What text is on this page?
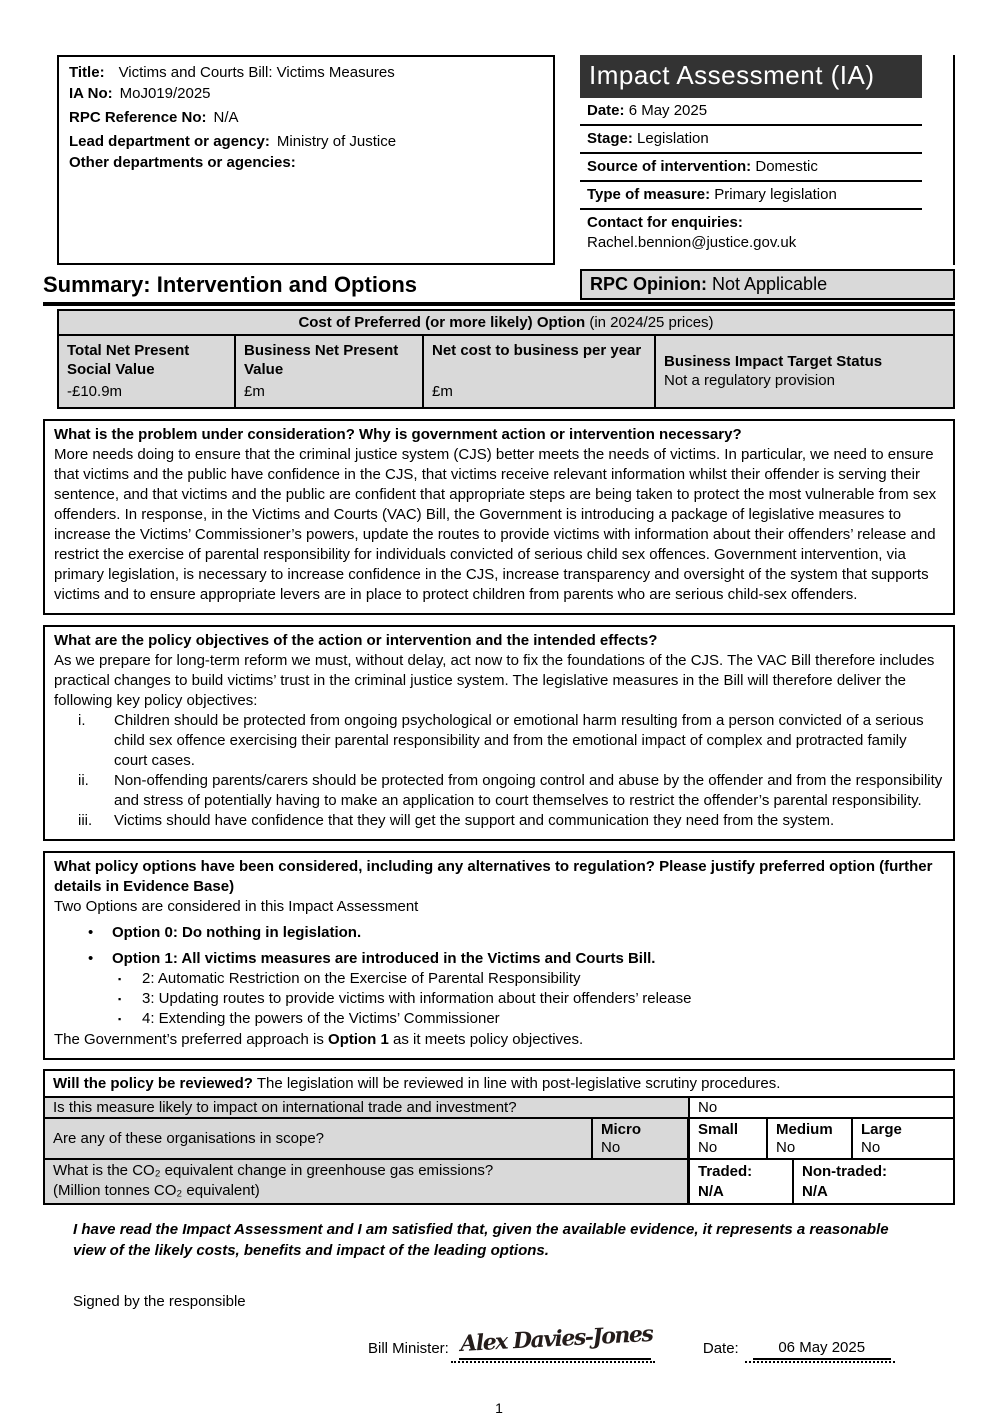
Title: Victims and Courts Bill: Victims Measures
IA No: MoJ019/2025
RPC Reference No: N/A
Lead department or agency: Ministry of Justice
Other departments or agencies:
Impact Assessment (IA)
Date: 6 May 2025
Stage: Legislation
Source of intervention: Domestic
Type of measure: Primary legislation
Contact for enquiries:
Rachel.bennion@justice.gov.uk
Summary: Intervention and Options	RPC Opinion: Not Applicable
Cost of Preferred (or more likely) Option (in 2024/25 prices)
Total Net Present Social Value
-£10.9m
Business Net Present Value
£m
Net cost to business per year
£m
Business Impact Target Status
Not a regulatory provision
What is the problem under consideration? Why is government action or intervention necessary?
More needs doing to ensure that the criminal justice system (CJS) better meets the needs of victims. In particular, we need to ensure that victims and the public have confidence in the CJS, that victims receive relevant information whilst their offender is serving their sentence, and that victims and the public are confident that appropriate steps are being taken to protect the most vulnerable from sex offenders. In response, in the Victims and Courts (VAC) Bill, the Government is introducing a package of legislative measures to increase the Victims’ Commissioner’s powers, update the routes to provide victims with information about their offenders’ release and restrict the exercise of parental responsibility for individuals convicted of serious child sex offences. Government intervention, via primary legislation, is necessary to increase confidence in the CJS, increase transparency and oversight of the system that supports victims and to ensure appropriate levers are in place to protect children from parents who are serious child-sex offenders.
What are the policy objectives of the action or intervention and the intended effects?
As we prepare for long-term reform we must, without delay, act now to fix the foundations of the CJS. The VAC Bill therefore includes practical changes to build victims’ trust in the criminal justice system. The legislative measures in the Bill will therefore deliver the following key policy objectives:
i.	Children should be protected from ongoing psychological or emotional harm resulting from a person convicted of a serious child sex offence exercising their parental responsibility and from the emotional impact of complex and protracted family court cases.
ii.	Non-offending parents/carers should be protected from ongoing control and abuse by the offender and from the responsibility and stress of potentially having to make an application to court themselves to restrict the offender’s parental responsibility.
iii.	Victims should have confidence that they will get the support and communication they need from the system.
What policy options have been considered, including any alternatives to regulation? Please justify preferred option (further details in Evidence Base)
Two Options are considered in this Impact Assessment
•	Option 0: Do nothing in legislation.
•	Option 1: All victims measures are introduced in the Victims and Courts Bill.
▪	2: Automatic Restriction on the Exercise of Parental Responsibility
▪	3: Updating routes to provide victims with information about their offenders’ release
▪	4: Extending the powers of the Victims’ Commissioner
The Government’s preferred approach is Option 1 as it meets policy objectives.
Will the policy be reviewed? The legislation will be reviewed in line with post-legislative scrutiny procedures.
Is this measure likely to impact on international trade and investment?	No
Are any of these organisations in scope?
Micro
No
Small
No
Medium
No
Large
No
What is the CO₂ equivalent change in greenhouse gas emissions?
(Million tonnes CO₂ equivalent)
Traded:
N/A
Non-traded:
N/A
I have read the Impact Assessment and I am satisfied that, given the available evidence, it represents a reasonable view of the likely costs, benefits and impact of the leading options.
Signed by the responsible
Bill Minister: Alex Davies-Jones	Date:	06 May 2025
1
